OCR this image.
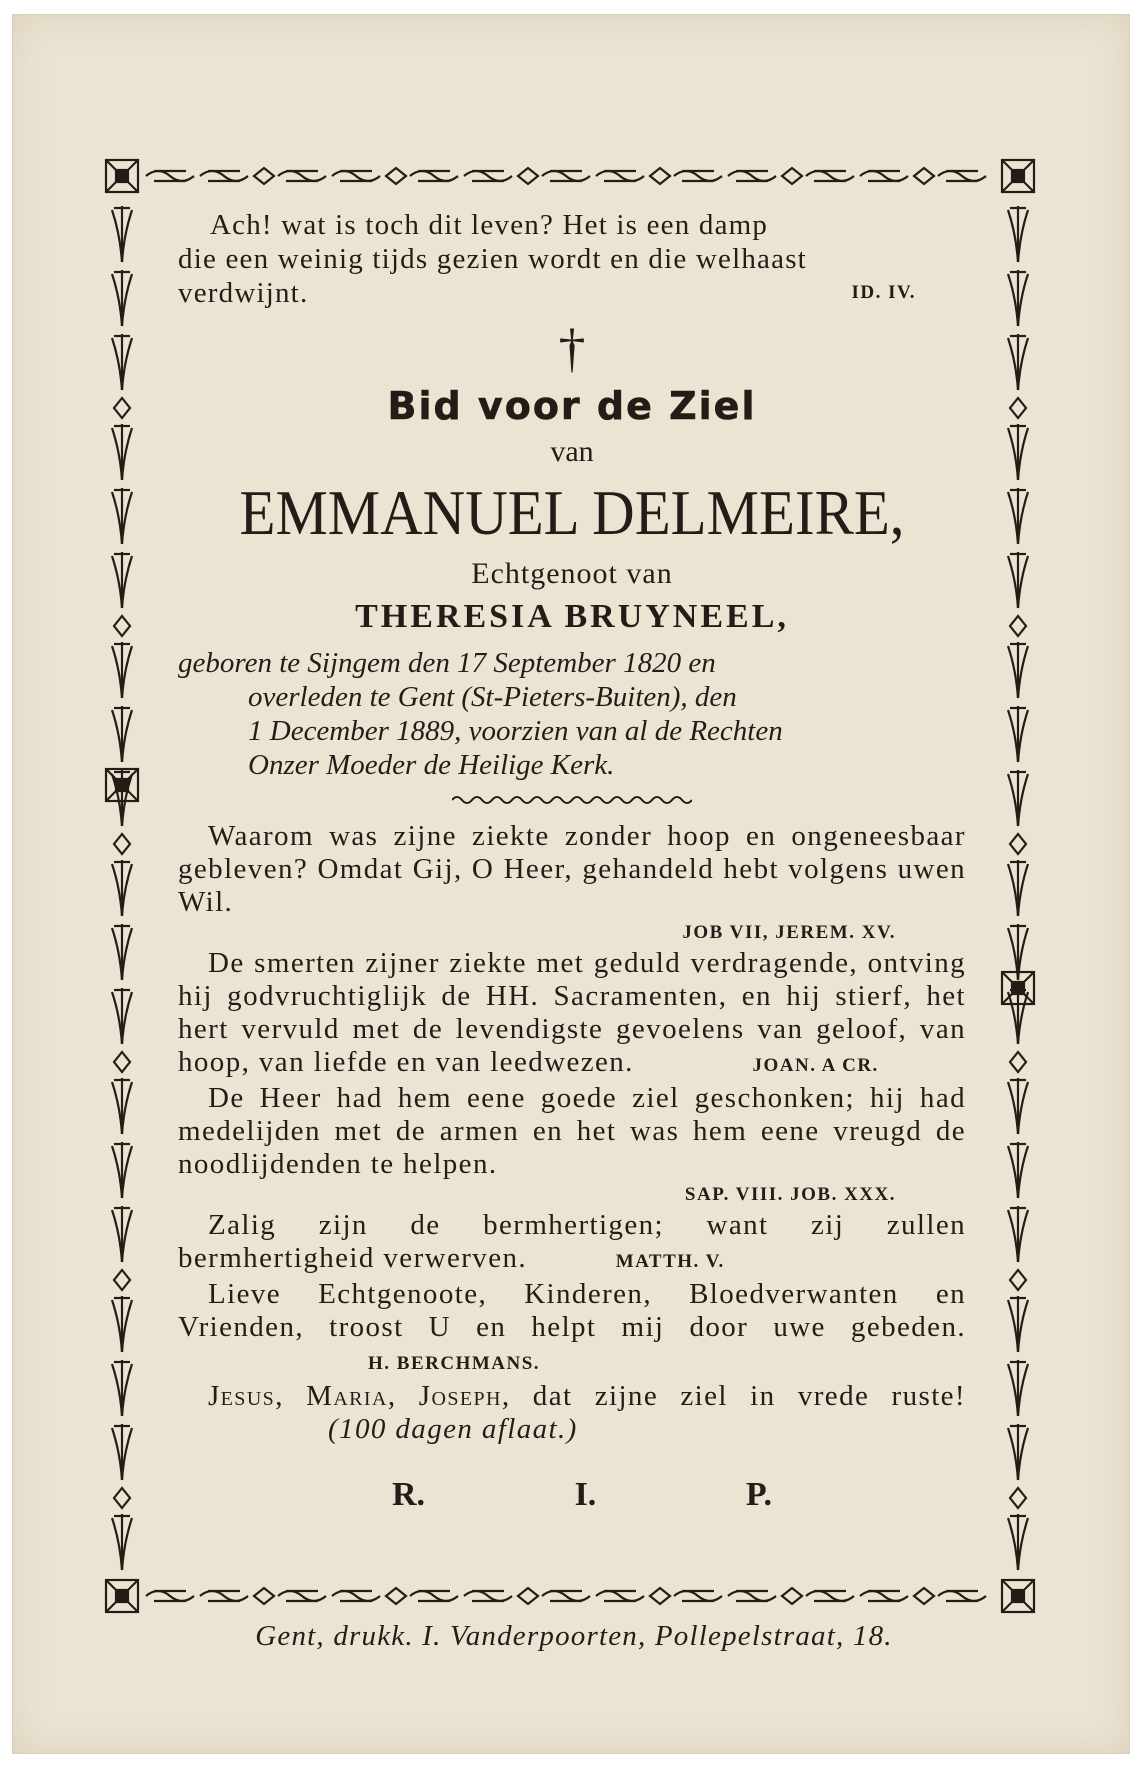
Ach! wat is toch dit leven? Het is een damp
die een weinig tijds gezien wordt en die welhaast
verdwijnt.	ID. IV.
†
Bid voor de Ziel
van
EMMANUEL DELMEIRE,
Echtgenoot van
THERESIA BRUYNEEL,
geboren te Sijngem den 17 September 1820 en
overleden te Gent (St-Pieters-Buiten), den
1 December 1889, voorzien van al de Rechten
Onzer Moeder de Heilige Kerk.
Waarom was zijne ziekte zonder hoop en ongeneesbaar gebleven? Omdat Gij, O Heer, gehandeld hebt volgens uwen Wil.
JOB VII, JEREM. XV.
De smerten zijner ziekte met geduld verdragende, ontving hij godvruchtiglijk de HH. Sacramenten, en hij stierf, het hert vervuld met de levendigste gevoelens van geloof, van hoop, van liefde en van leedwezen.	JOAN. A CR.
De Heer had hem eene goede ziel geschonken; hij had medelijden met de armen en het was hem eene vreugd de noodlijdenden te helpen.
SAP. VIII. JOB. XXX.
Zalig zijn de bermhertigen; want zij zullen bermhertigheid verwerven.	MATTH. V.
Lieve Echtgenoote, Kinderen, Bloedverwanten en Vrienden, troost U en helpt mij door uwe gebeden. H. BERCHMANS.
Jesus, Maria, Joseph, dat zijne ziel in vrede ruste! (100 dagen aflaat.)
R.	I.	P.
Gent, drukk. I. Vanderpoorten, Pollepelstraat, 18.
